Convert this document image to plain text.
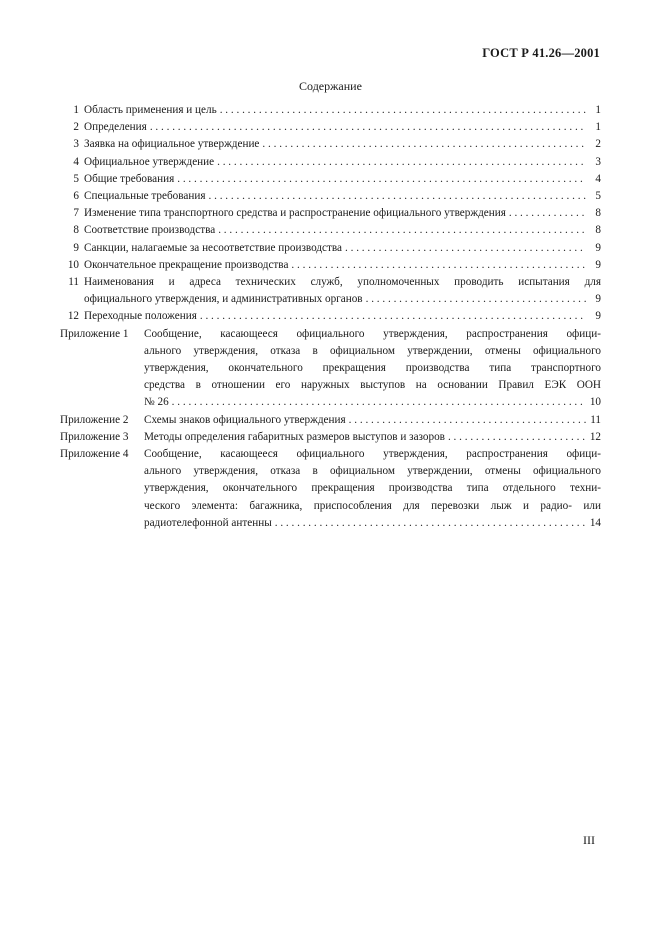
ГОСТ Р 41.26—2001
Содержание
1 Область применения и цель . . .	1
2 Определения . . .	1
3 Заявка на официальное утверждение . . .	2
4 Официальное утверждение . . .	3
5 Общие требования . . .	4
6 Специальные требования . . .	5
7 Изменение типа транспортного средства и распространение официального утверждения . . .	8
8 Соответствие производства . . .	8
9 Санкции, налагаемые за несоответствие производства . . .	9
10 Окончательное прекращение производства . . .	9
11 Наименования и адреса технических служб, уполномоченных проводить испытания для
официального утверждения, и административных органов . . .	9
12 Переходные положения . . .	9
Приложение 1	Сообщение, касающееся официального утверждения, распространения офици-
ального утверждения, отказа в официальном утверждении, отмены официального
утверждения, окончательного прекращения производства типа транспортного
средства в отношении его наружных выступов на основании Правил ЕЭК ООН
№ 26 . . .	10
Приложение 2	Схемы знаков официального утверждения . . .	11
Приложение 3	Методы определения габаритных размеров выступов и зазоров . . .	12
Приложение 4	Сообщение, касающееся официального утверждения, распространения офици-
ального утверждения, отказа в официальном утверждении, отмены официального
утверждения, окончательного прекращения производства типа отдельного техни-
ческого элемента: багажника, приспособления для перевозки лыж и радио- или
радиотелефонной антенны . . .	14
III
